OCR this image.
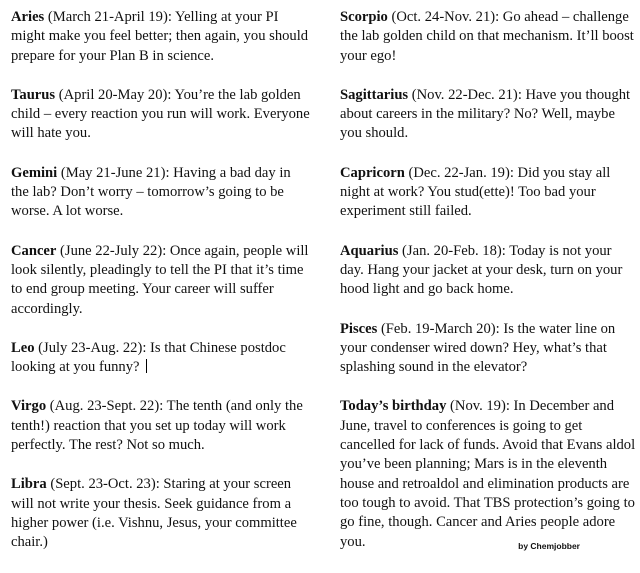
Aries (March 21-April 19): Yelling at your PI might make you feel better; then again, you should prepare for your Plan B in science.

Taurus (April 20-May 20): You’re the lab golden child – every reaction you run will work. Everyone will hate you.

Gemini (May 21-June 21): Having a bad day in the lab? Don’t worry – tomorrow’s going to be worse. A lot worse.

Cancer (June 22-July 22): Once again, people will look silently, pleadingly to tell the PI that it’s time to end group meeting. Your career will suffer accordingly.

Leo (July 23-Aug. 22): Is that Chinese postdoc looking at you funny?

Virgo (Aug. 23-Sept. 22): The tenth (and only the tenth!) reaction that you set up today will work perfectly. The rest? Not so much.

Libra (Sept. 23-Oct. 23): Staring at your screen will not write your thesis. Seek guidance from a higher power (i.e. Vishnu, Jesus, your committee chair.)

Scorpio (Oct. 24-Nov. 21): Go ahead – challenge the lab golden child on that mechanism. It’ll boost your ego!

Sagittarius (Nov. 22-Dec. 21): Have you thought about careers in the military? No? Well, maybe you should.

Capricorn (Dec. 22-Jan. 19): Did you stay all night at work? You stud(ette)! Too bad your experiment still failed.

Aquarius (Jan. 20-Feb. 18): Today is not your day. Hang your jacket at your desk, turn on your hood light and go back home.

Pisces (Feb. 19-March 20): Is the water line on your condenser wired down? Hey, what’s that splashing sound in the elevator?

Today’s birthday (Nov. 19): In December and June, travel to conferences is going to get cancelled for lack of funds. Avoid that Evans aldol you’ve been planning; Mars is in the eleventh house and retroaldol and elimination products are too tough to avoid. That TBS protection’s going to go fine, though. Cancer and Aries people adore you.	by Chemjobber
